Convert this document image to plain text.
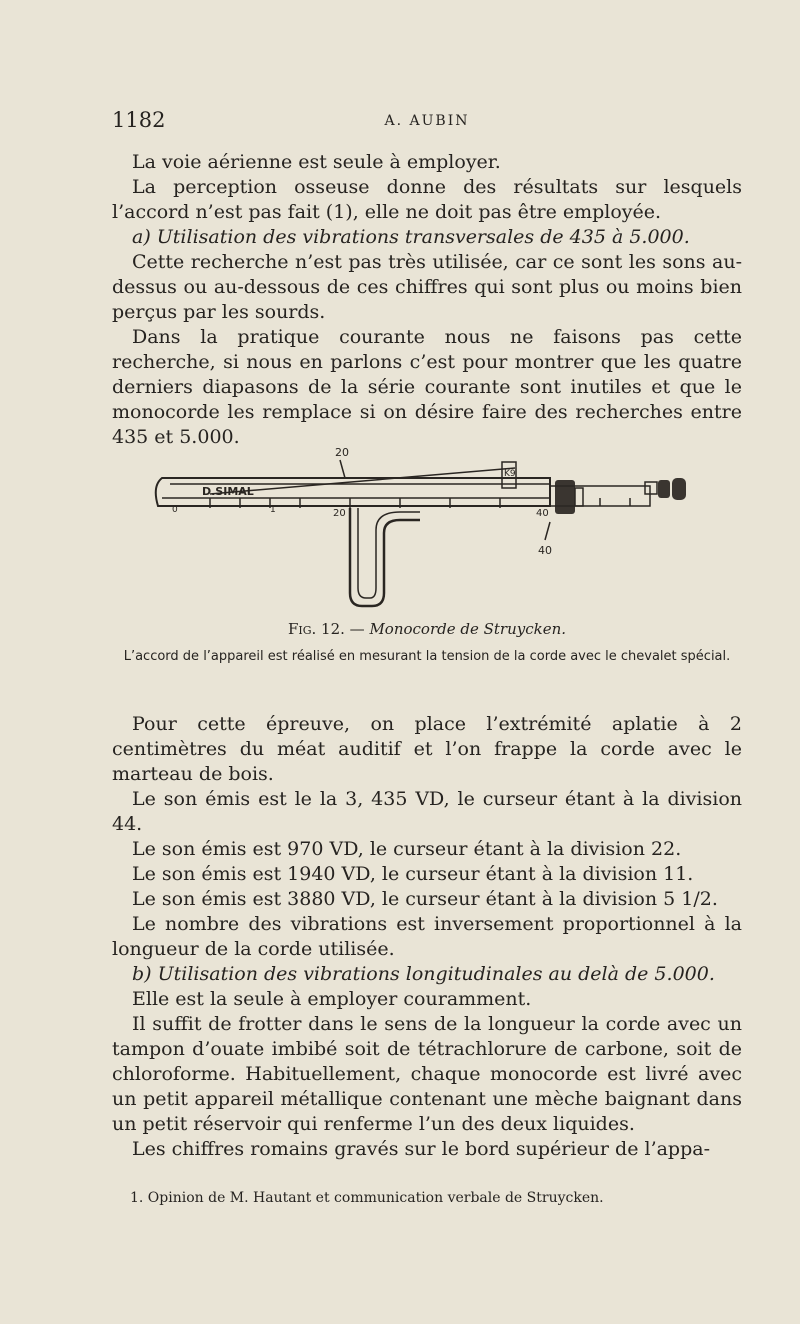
1182	A. AUBIN

La voie aérienne est seule à employer.

La perception osseuse donne des résultats sur lesquels l’accord n’est pas fait (1), elle ne doit pas être employée.

a) Utilisation des vibrations transversales de 435 à 5.000.

Cette recherche n’est pas très utilisée, car ce sont les sons au-dessus ou au-dessous de ces chiffres qui sont plus ou moins bien perçus par les sourds.

Dans la pratique courante nous ne faisons pas cette recherche, si nous en parlons c’est pour montrer que les quatre derniers diapasons de la série courante sont inutiles et que le monocorde les remplace si on désire faire des recherches entre 435 et 5.000.

20
D.SIMAL
K9
20	40
40
0	1
Fig. 12. — Monocorde de Struycken.
L’accord de l’appareil est réalisé en mesurant la tension de la corde avec le chevalet spécial.

Pour cette épreuve, on place l’extrémité aplatie à 2 centimètres du méat auditif et l’on frappe la corde avec le marteau de bois.

Le son émis est le la 3, 435 VD, le curseur étant à la division 44.

Le son émis est 970 VD, le curseur étant à la division 22.

Le son émis est 1940 VD, le curseur étant à la division 11.

Le son émis est 3880 VD, le curseur étant à la division 5 1/2.

Le nombre des vibrations est inversement proportionnel à la longueur de la corde utilisée.

b) Utilisation des vibrations longitudinales au delà de 5.000.

Elle est la seule à employer couramment.

Il suffit de frotter dans le sens de la longueur la corde avec un tampon d’ouate imbibé soit de tétrachlorure de carbone, soit de chloroforme. Habituellement, chaque monocorde est livré avec un petit appareil métallique contenant une mèche baignant dans un petit réservoir qui renferme l’un des deux liquides.

Les chiffres romains gravés sur le bord supérieur de l’appa-

1. Opinion de M. Hautant et communication verbale de Struycken.
